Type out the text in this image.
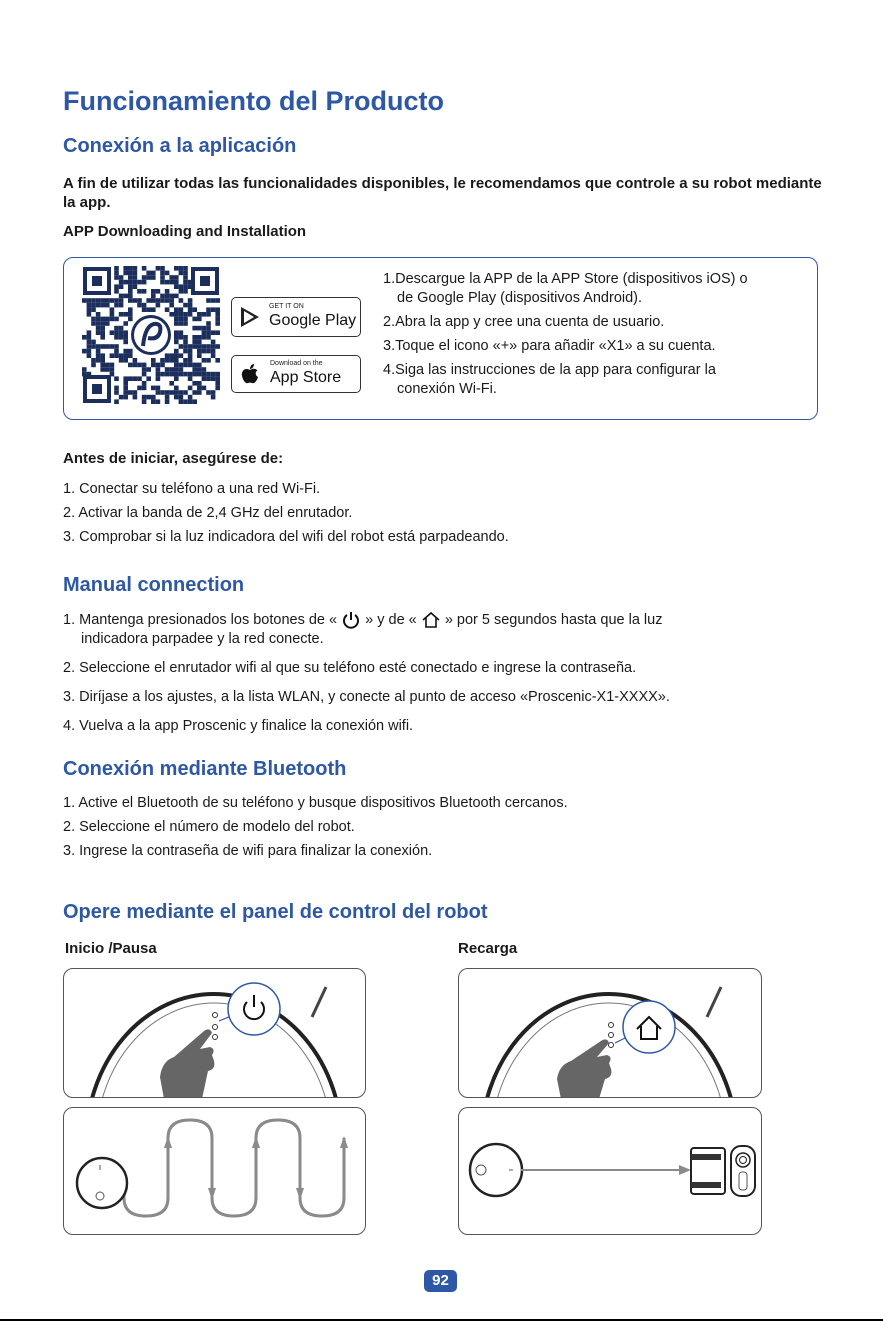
Funcionamiento del Producto
Conexión a la aplicación
A fin de utilizar todas las funcionalidades disponibles, le recomendamos que controle a su robot mediante la app.
APP Downloading and Installation
GET IT ON
Google Play
Download on the
App Store
1.Descargue la APP de la APP Store (dispositivos iOS) o
de Google Play (dispositivos Android).
2.Abra la app y cree una cuenta de usuario.
3.Toque el icono «+» para añadir «X1» a su cuenta.
4.Siga las instrucciones de la app para configurar la
conexión Wi-Fi.
Antes de iniciar, asegúrese de:

1. Conectar su teléfono a una red Wi-Fi.

2. Activar la banda de 2,4 GHz del enrutador.

3. Comprobar si la luz indicadora del wifi del robot está parpadeando.

Manual connection

1. Mantenga presionados los botones de « » y de « » por 5 segundos hasta que la luz

indicadora parpadee y la red conecte.

2. Seleccione el enrutador wifi al que su teléfono esté conectado e ingrese la contraseña.

3. Diríjase a los ajustes, a la lista WLAN, y conecte al punto de acceso «Proscenic-X1-XXXX».

4. Vuelva a la app Proscenic y finalice la conexión wifi.

Conexión mediante Bluetooth

1. Active el Bluetooth de su teléfono y busque dispositivos Bluetooth cercanos.

2. Seleccione el número de modelo del robot.

3. Ingrese la contraseña de wifi para finalizar la conexión.

Opere mediante el panel de control del robot
Inicio /Pausa	Recarga
92
